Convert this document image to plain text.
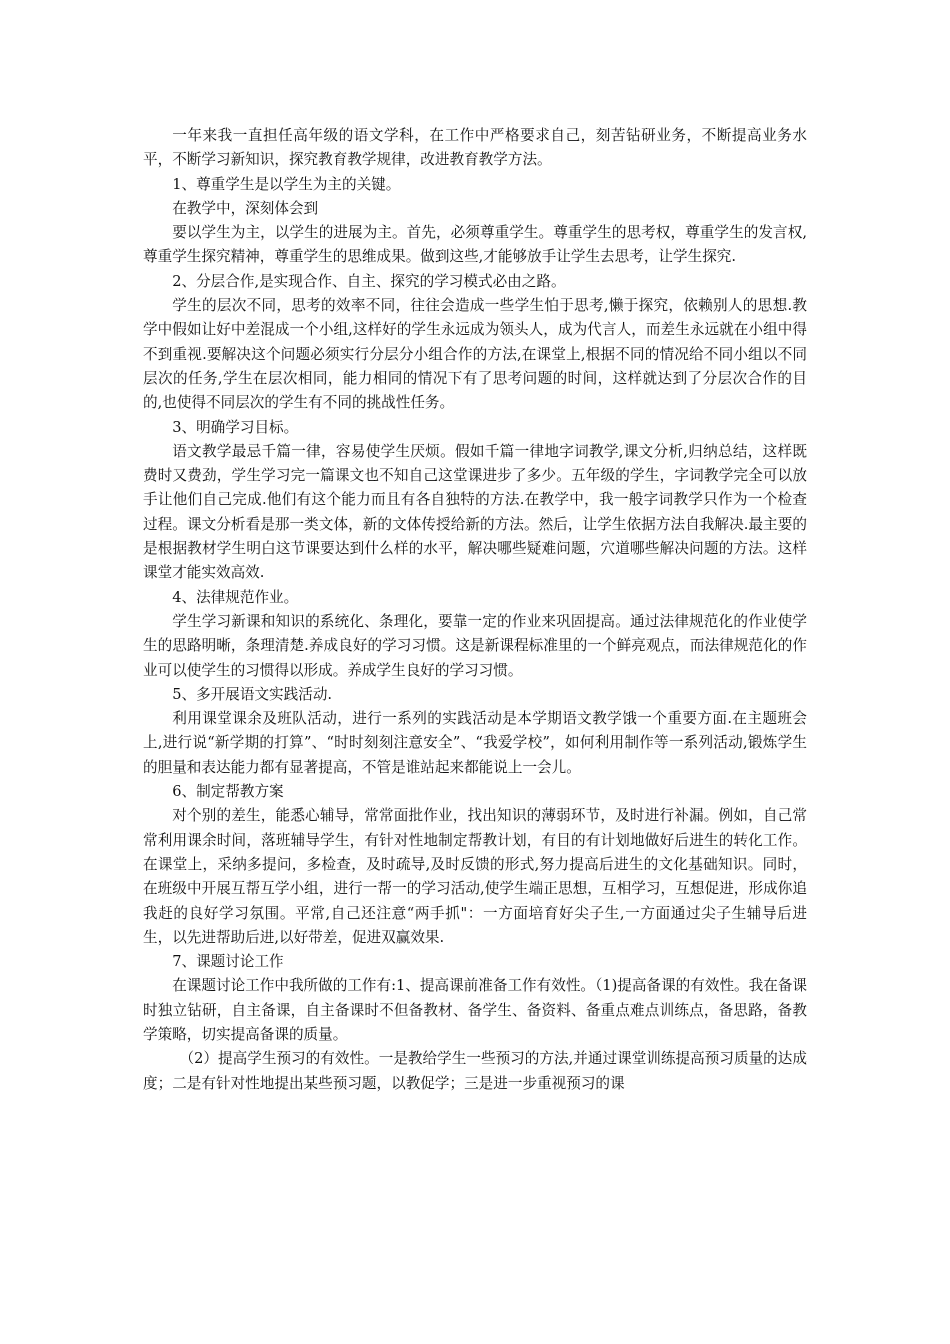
一年来我一直担任高年级的语文学科，在工作中严格要求自己，刻苦钻研业务，不断提高业务水平，不断学习新知识，探究教育教学规律，改进教育教学方法。

1、尊重学生是以学生为主的关键。

在教学中，深刻体会到

要以学生为主，以学生的进展为主。首先，必须尊重学生。尊重学生的思考权，尊重学生的发言权,尊重学生探究精神，尊重学生的思维成果。做到这些,才能够放手让学生去思考，让学生探究.

2、分层合作,是实现合作、自主、探究的学习模式必由之路。

学生的层次不同，思考的效率不同，往往会造成一些学生怕于思考,懒于探究，依赖别人的思想.教学中假如让好中差混成一个小组,这样好的学生永远成为领头人，成为代言人，而差生永远就在小组中得不到重视.要解决这个问题必须实行分层分小组合作的方法,在课堂上,根据不同的情况给不同小组以不同层次的任务,学生在层次相同，能力相同的情况下有了思考问题的时间，这样就达到了分层次合作的目的,也使得不同层次的学生有不同的挑战性任务。

3、明确学习目标。

语文教学最忌千篇一律，容易使学生厌烦。假如千篇一律地字词教学,课文分析,归纳总结，这样既费时又费劲，学生学习完一篇课文也不知自己这堂课进步了多少。五年级的学生，字词教学完全可以放手让他们自己完成.他们有这个能力而且有各自独特的方法.在教学中，我一般字词教学只作为一个检查过程。课文分析看是那一类文体，新的文体传授给新的方法。然后，让学生依据方法自我解决.最主要的是根据教材学生明白这节课要达到什么样的水平，解决哪些疑难问题，穴道哪些解决问题的方法。这样课堂才能实效高效.

4、法律规范作业。

学生学习新课和知识的系统化、条理化，要靠一定的作业来巩固提高。通过法律规范化的作业使学生的思路明晰，条理清楚.养成良好的学习习惯。这是新课程标准里的一个鲜亮观点，而法律规范化的作业可以使学生的习惯得以形成。养成学生良好的学习习惯。

5、多开展语文实践活动.

利用课堂课余及班队活动，进行一系列的实践活动是本学期语文教学饿一个重要方面.在主题班会上,进行说“新学期的打算”、“时时刻刻注意安全”、“我爱学校”，如何利用制作等一系列活动,锻炼学生的胆量和表达能力都有显著提高，不管是谁站起来都能说上一会儿。

6、制定帮教方案

对个别的差生，能悉心辅导，常常面批作业，找出知识的薄弱环节，及时进行补漏。例如，自己常常利用课余时间，落班辅导学生，有针对性地制定帮教计划，有目的有计划地做好后进生的转化工作。在课堂上，采纳多提问，多检查，及时疏导,及时反馈的形式,努力提高后进生的文化基础知识。同时，在班级中开展互帮互学小组，进行一帮一的学习活动,使学生端正思想，互相学习，互想促进，形成你追我赶的良好学习氛围。平常,自己还注意“两手抓"：一方面培育好尖子生,一方面通过尖子生辅导后进生，以先进帮助后进,以好带差，促进双赢效果.

7、课题讨论工作

在课题讨论工作中我所做的工作有:1、提高课前准备工作有效性。（1)提高备课的有效性。我在备课时独立钻研，自主备课，自主备课时不但备教材、备学生、备资料、备重点难点训练点，备思路，备教学策略，切实提高备课的质量。

（2）提高学生预习的有效性。一是教给学生一些预习的方法,并通过课堂训练提高预习质量的达成度；二是有针对性地提出某些预习题，以教促学；三是进一步重视预习的课
